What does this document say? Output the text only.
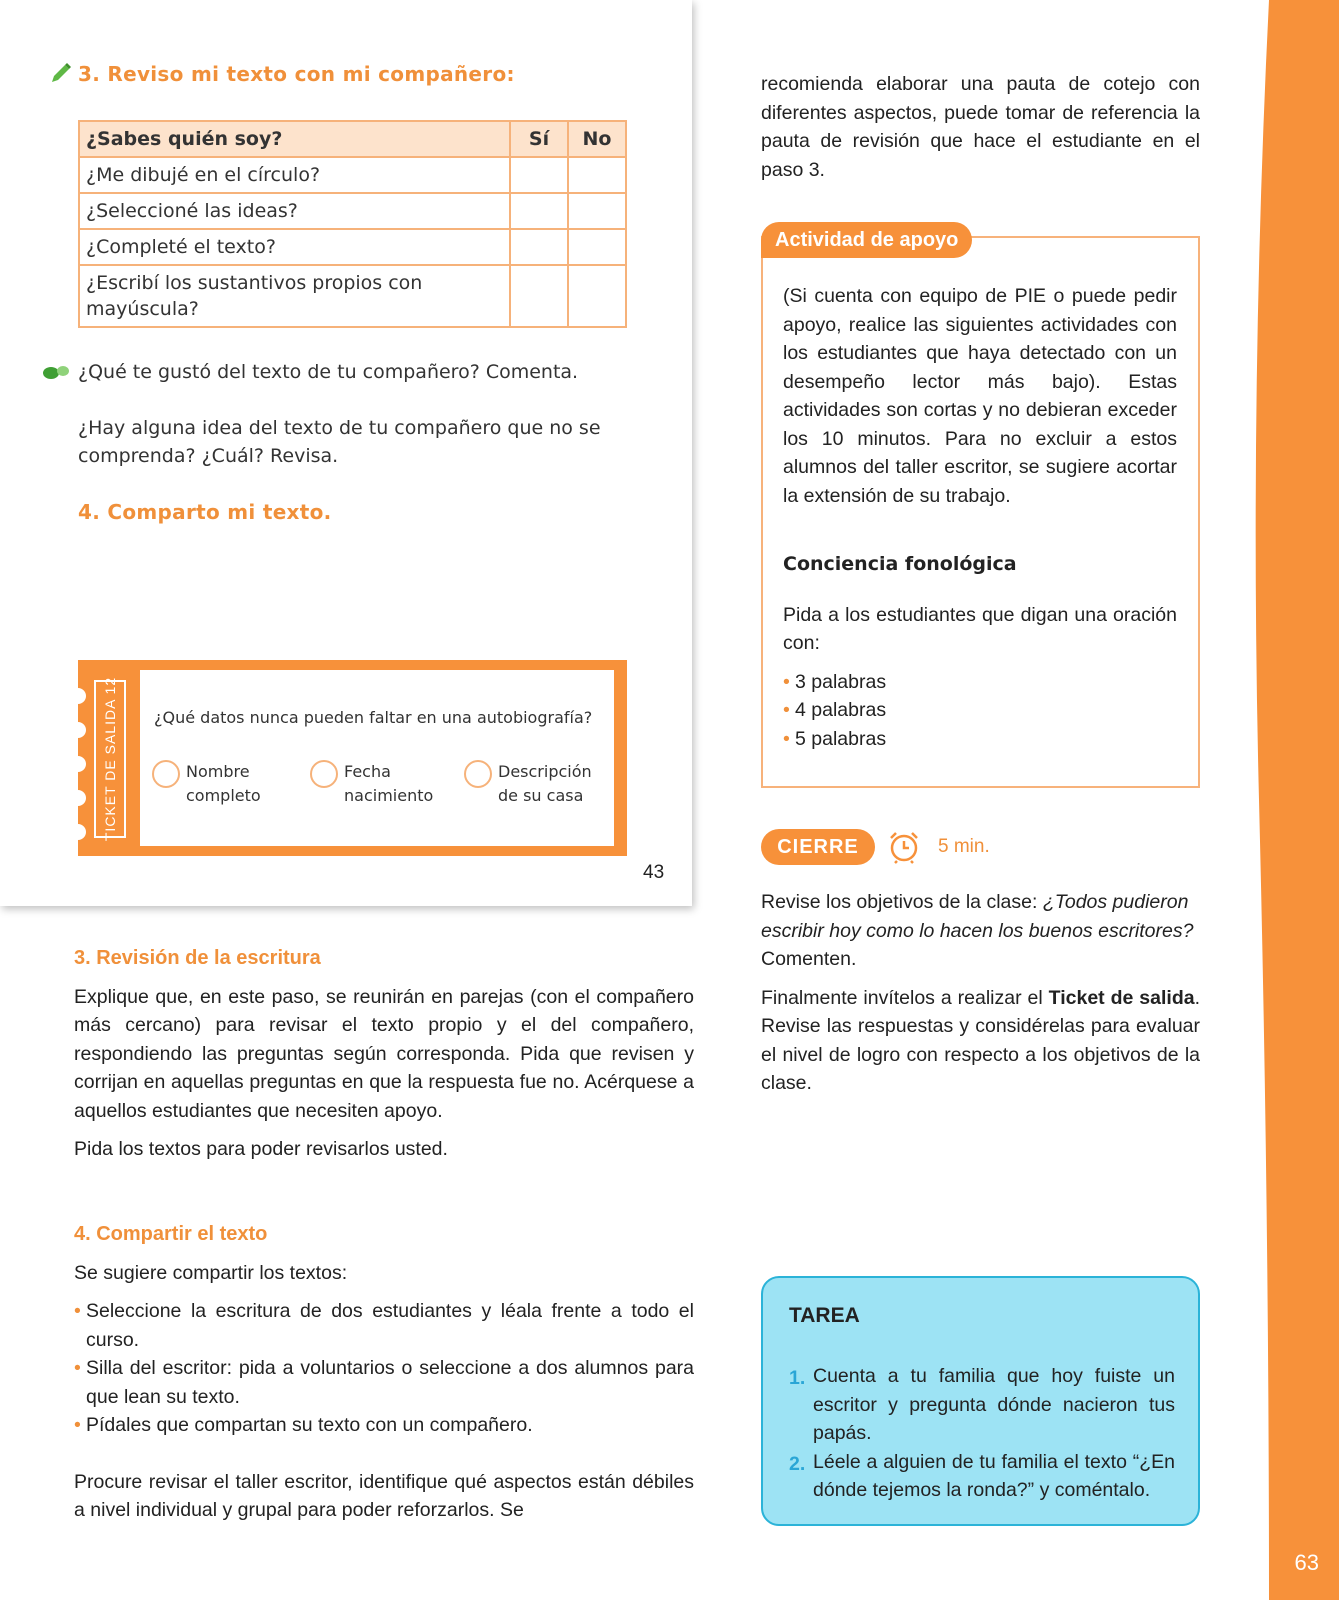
63
3. Reviso mi texto con mi compañero:
¿Sabes quién soy?	Sí	No
¿Me dibujé en el círculo?		
¿Seleccioné las ideas?		
¿Completé el texto?		
¿Escribí los sustantivos propios con mayúscula?		

¿Qué te gustó del texto de tu compañero? Comenta.

¿Hay alguna idea del texto de tu compañero que no se

comprenda? ¿Cuál? Revisa.

4. Comparto mi texto.
TICKET DE SALIDA 12	LECTURA OA 5
¿Qué datos nunca pueden faltar en una autobiografía?
Nombre
completo
Fecha
nacimiento
Descripción
de su casa
43
3. Revisión de la escritura

Explique que, en este paso, se reunirán en parejas (con el compañero más cercano) para revisar el texto propio y el del compañero, respondiendo las preguntas según corresponda. Pida que revisen y corrijan en aquellas preguntas en que la respuesta fue no. Acérquese a aquellos estudiantes que necesiten apoyo.

Pida los textos para poder revisarlos usted.

4. Compartir el texto

Se sugiere compartir los textos:

• Seleccione la escritura de dos estudiantes y léala frente a todo el curso.
• Silla del escritor: pida a voluntarios o seleccione a dos alumnos para que lean su texto.
• Pídales que compartan su texto con un compañero.

Procure revisar el taller escritor, identifique qué aspectos están débiles a nivel individual y grupal para poder reforzarlos. Se

recomienda elaborar una pauta de cotejo con diferentes aspectos, puede tomar de referencia la pauta de revisión que hace el estudiante en el paso 3.
Actividad de apoyo

(Si cuenta con equipo de PIE o puede pedir apoyo, realice las siguientes actividades con los estudiantes que haya detectado con un desempeño lector más bajo). Estas actividades son cortas y no debieran exceder los 10 minutos. Para no excluir a estos alumnos del taller escritor, se sugiere acortar la extensión de su trabajo.

Conciencia fonológica

Pida a los estudiantes que digan una oración con:

• 3 palabras
• 4 palabras
• 5 palabras
CIERRE	5 min.

Revise los objetivos de la clase: ¿Todos pudieron escribir hoy como lo hacen los buenos escritores? Comenten.

Finalmente invítelos a realizar el Ticket de salida. Revise las respuestas y considérelas para evaluar el nivel de logro con respecto a los objetivos de la clase.

TAREA
1. Cuenta a tu familia que hoy fuiste un escritor y pregunta dónde nacieron tus papás.
2. Léele a alguien de tu familia el texto “¿En dónde tejemos la ronda?” y coméntalo.
